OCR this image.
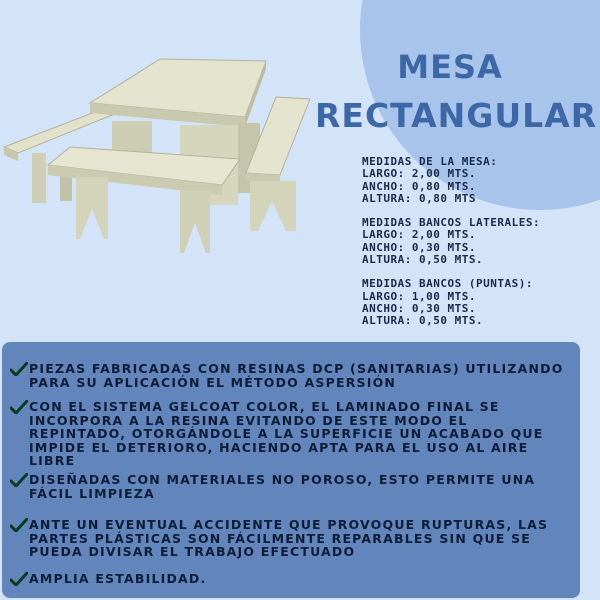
MESA
RECTANGULAR
MEDIDAS DE LA MESA:
LARGO: 2,00 MTS.
ANCHO: 0,80 MTS.
ALTURA: 0,80 MTS
MEDIDAS BANCOS LATERALES:
LARGO: 2,00 MTS.
ANCHO: 0,30 MTS.
ALTURA: 0,50 MTS.
MEDIDAS BANCOS (PUNTAS):
LARGO: 1,00 MTS.
ANCHO: 0,30 MTS.
ALTURA: 0,50 MTS.
PIEZAS FABRICADAS CON RESINAS DCP (SANITARIAS) UTILIZANDO PARA SU APLICACIÓN EL MÉTODO ASPERSIÓN
CON EL SISTEMA GELCOAT COLOR, EL LAMINADO FINAL SE INCORPORA A LA RESINA EVITANDO DE ESTE MODO EL REPINTADO, OTORGÁNDOLE A LA SUPERFICIE UN ACABADO QUE IMPIDE EL DETERIORO, HACIENDO APTA PARA EL USO AL AIRE LIBRE
DISEÑADAS CON MATERIALES NO POROSO, ESTO PERMITE UNA FÁCIL LIMPIEZA
ANTE UN EVENTUAL ACCIDENTE QUE PROVOQUE RUPTURAS, LAS PARTES PLÁSTICAS SON FÁCILMENTE REPARABLES SIN QUE SE PUEDA DIVISAR EL TRABAJO EFECTUADO
AMPLIA ESTABILIDAD.
